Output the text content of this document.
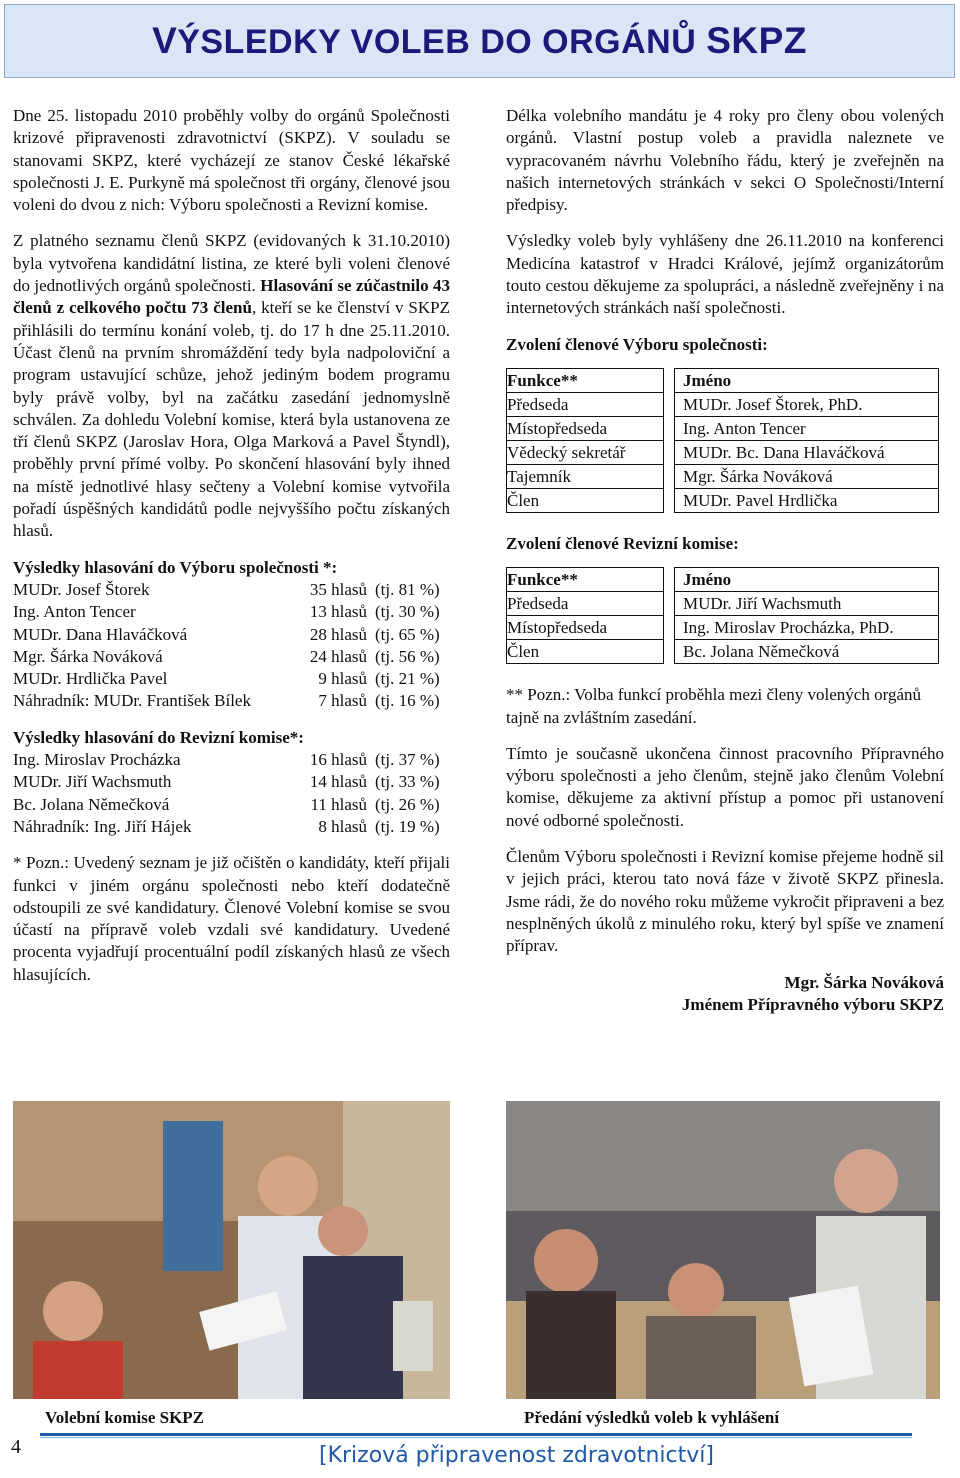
VÝSLEDKY VOLEB DO ORGÁNŮ SKPZ

Dne 25. listopadu 2010 proběhly volby do orgánů Společnosti krizové připravenosti zdravotnictví (SKPZ). V souladu se stanovami SKPZ, které vycházejí ze stanov České lékařské společnosti J. E. Purkyně má společnost tři orgány, členové jsou voleni do dvou z nich: Výboru společnosti a Revizní komise.

Z platného seznamu členů SKPZ (evidovaných k 31.10.2010) byla vytvořena kandidátní listina, ze které byli voleni členové do jednotlivých orgánů společnosti. Hlasování se zúčastnilo 43 členů z celkového počtu 73 členů, kteří se ke členství v SKPZ přihlásili do termínu konání voleb, tj. do 17 h dne 25.11.2010. Účast členů na prvním shromáždění tedy byla nadpoloviční a program ustavující schůze, jehož jediným bodem programu byly právě volby, byl na začátku zasedání jednomyslně schválen. Za dohledu Volební komise, která byla ustanovena ze tří členů SKPZ (Jaroslav Hora, Olga Marková a Pavel Štyndl), proběhly první přímé volby. Po skončení hlasování byly ihned na místě jednotlivé hlasy sečteny a Volební komise vytvořila pořadí úspěšných kandidátů podle nejvyššího počtu získaných hlasů.

Výsledky hlasování do Výboru společnosti *:
MUDr. Josef Štorek	35 hlasů (tj. 81 %)
Ing. Anton Tencer	13 hlasů (tj. 30 %)
MUDr. Dana Hlaváčková	28 hlasů (tj. 65 %)
Mgr. Šárka Nováková	24 hlasů (tj. 56 %)
MUDr. Hrdlička Pavel	9 hlasů (tj. 21 %)
Náhradník: MUDr. František Bílek	7 hlasů (tj. 16 %)
Výsledky hlasování do Revizní komise*:
Ing. Miroslav Procházka	16 hlasů (tj. 37 %)
MUDr. Jiří Wachsmuth	14 hlasů (tj. 33 %)
Bc. Jolana Němečková	11 hlasů (tj. 26 %)
Náhradník: Ing. Jiří Hájek	8 hlasů (tj. 19 %)

* Pozn.: Uvedený seznam je již očištěn o kandidáty, kteří přijali funkci v jiném orgánu společnosti nebo kteří dodatečně odstoupili ze své kandidatury. Členové Volební komise se svou účastí na přípravě voleb vzdali své kandidatury. Uvedené procenta vyjadřují procentuální podíl získaných hlasů ze všech hlasujících.

Délka volebního mandátu je 4 roky pro členy obou volených orgánů. Vlastní postup voleb a pravidla naleznete ve vypracovaném návrhu Volebního řádu, který je zveřejněn na našich internetových stránkách v sekci O Společnosti/Interní předpisy.

Výsledky voleb byly vyhlášeny dne 26.11.2010 na konferenci Medicína katastrof v Hradci Králové, jejímž organizátorům touto cestou děkujeme za spolupráci, a následně zveřejněny i na internetových stránkách naší společnosti.

Zvolení členové Výboru společnosti:
Funkce**		Jméno
Předseda		MUDr. Josef Štorek, PhD.
Místopředseda		Ing. Anton Tencer
Vědecký sekretář		MUDr. Bc. Dana Hlaváčková
Tajemník		Mgr. Šárka Nováková
Člen		MUDr. Pavel Hrdlička
Zvolení členové Revizní komise:
Funkce**		Jméno
Předseda		MUDr. Jiří Wachsmuth
Místopředseda		Ing. Miroslav Procházka, PhD.
Člen		Bc. Jolana Němečková

** Pozn.: Volba funkcí proběhla mezi členy volených orgánů tajně na zvláštním zasedání.

Tímto je současně ukončena činnost pracovního Přípravného výboru společnosti a jeho členům, stejně jako členům Volební komise, děkujeme za aktivní přístup a pomoc při ustanovení nové odborné společnosti.

Členům Výboru společnosti i Revizní komise přejeme hodně sil v jejich práci, kterou tato nová fáze v životě SKPZ přinesla. Jsme rádi, že do nového roku můžeme vykročit připraveni a bez nesplněných úkolů z minulého roku, který byl spíše ve znamení příprav.

Mgr. Šárka Nováková
Jménem Přípravného výboru SKPZ
Volební komise SKPZ	Předání výsledků voleb k vyhlášení
4	[Krizová připravenost zdravotnictví]
